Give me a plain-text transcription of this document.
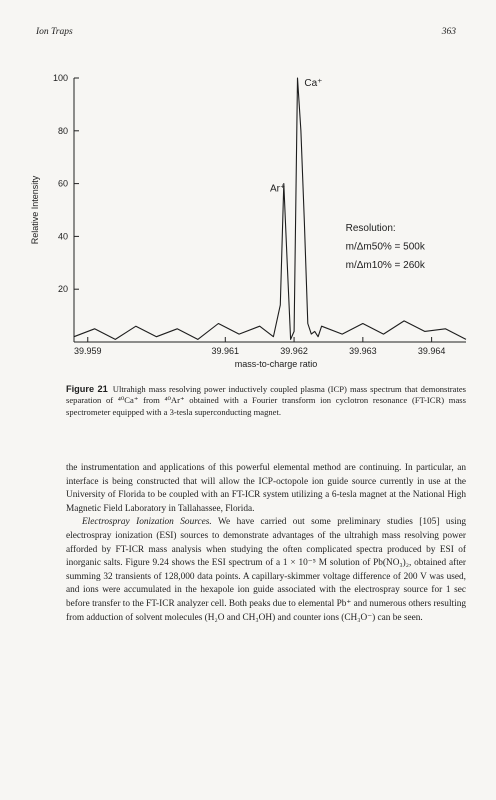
Ion Traps	363
20
40
60
80
100
39.959	39.961	39.962	39.963	39.964
mass-to-charge ratio
Relative Intensity
Ca⁺
Ar⁺
Resolution:
m/Δm50% = 500k
m/Δm10% = 260k
Figure 21 Ultrahigh mass resolving power inductively coupled plasma (ICP) mass spectrum that demonstrates separation of ⁴⁰Ca⁺ from ⁴⁰Ar⁺ obtained with a Fourier transform ion cyclotron resonance (FT-ICR) mass spectrometer equipped with a 3-tesla superconducting magnet.

the instrumentation and applications of this powerful elemental method are continuing. In particular, an interface is being constructed that will allow the ICP-octopole ion guide source currently in use at the University of Florida to be coupled with an FT-ICR system utilizing a 6-tesla magnet at the National High Magnetic Field Laboratory in Tallahassee, Florida.

Electrospray Ionization Sources. We have carried out some preliminary studies [105] using electrospray ionization (ESI) sources to demonstrate advantages of the ultrahigh mass resolving power afforded by FT-ICR mass analysis when studying the often complicated spectra produced by ESI of inorganic salts. Figure 9.24 shows the ESI spectrum of a 1 × 10⁻⁵ M solution of Pb(NO₃)₂, obtained after summing 32 transients of 128,000 data points. A capillary-skimmer voltage difference of 200 V was used, and ions were accumulated in the hexapole ion guide associated with the electrospray source for 1 sec before transfer to the FT-ICR analyzer cell. Both peaks due to elemental Pb⁺ and numerous others resulting from adduction of solvent molecules (H₂O and CH₃OH) and counter ions (CH₃O⁻) can be seen.
